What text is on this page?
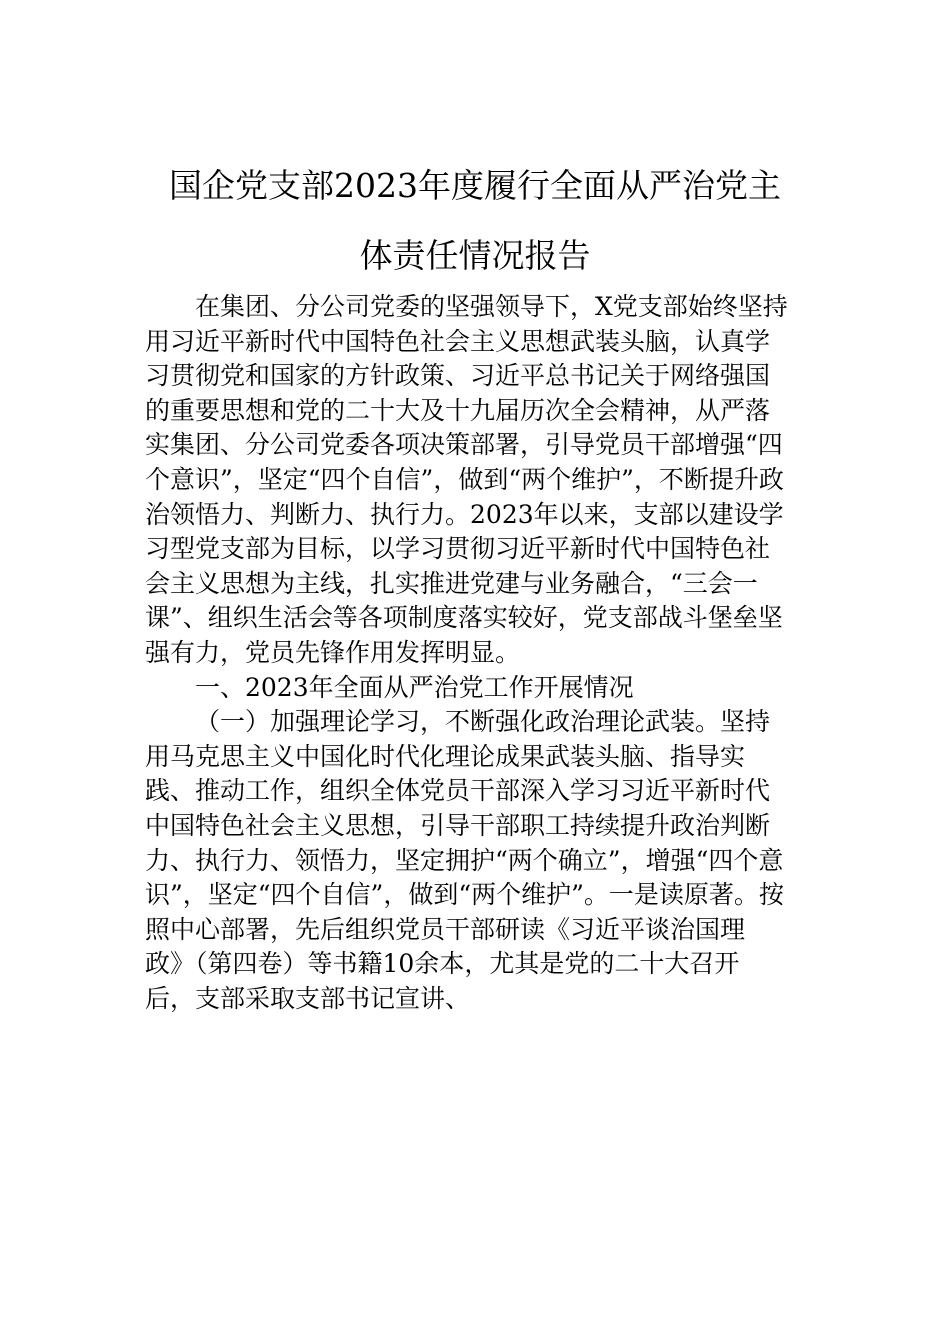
国企党支部2023年度履行全面从严治党主
体责任情况报告
在集团、分公司党委的坚强领导下，X党支部始终坚持
用习近平新时代中国特色社会主义思想武装头脑，认真学
习贯彻党和国家的方针政策、习近平总书记关于网络强国
的重要思想和党的二十大及十九届历次全会精神，从严落
实集团、分公司党委各项决策部署，引导党员干部增强“四
个意识”，坚定“四个自信”，做到“两个维护”，不断提升政
治领悟力、判断力、执行力。2023年以来，支部以建设学
习型党支部为目标，以学习贯彻习近平新时代中国特色社
会主义思想为主线，扎实推进党建与业务融合，“三会一
课”、组织生活会等各项制度落实较好，党支部战斗堡垒坚
强有力，党员先锋作用发挥明显。
一、2023年全面从严治党工作开展情况
（一）加强理论学习，不断强化政治理论武装。坚持
用马克思主义中国化时代化理论成果武装头脑、指导实
践、推动工作，组织全体党员干部深入学习习近平新时代
中国特色社会主义思想，引导干部职工持续提升政治判断
力、执行力、领悟力，坚定拥护“两个确立”，增强“四个意
识”，坚定“四个自信”，做到“两个维护”。一是读原著。按
照中心部署，先后组织党员干部研读《习近平谈治国理
政》（第四卷）等书籍10余本，尤其是党的二十大召开
后，支部采取支部书记宣讲、
